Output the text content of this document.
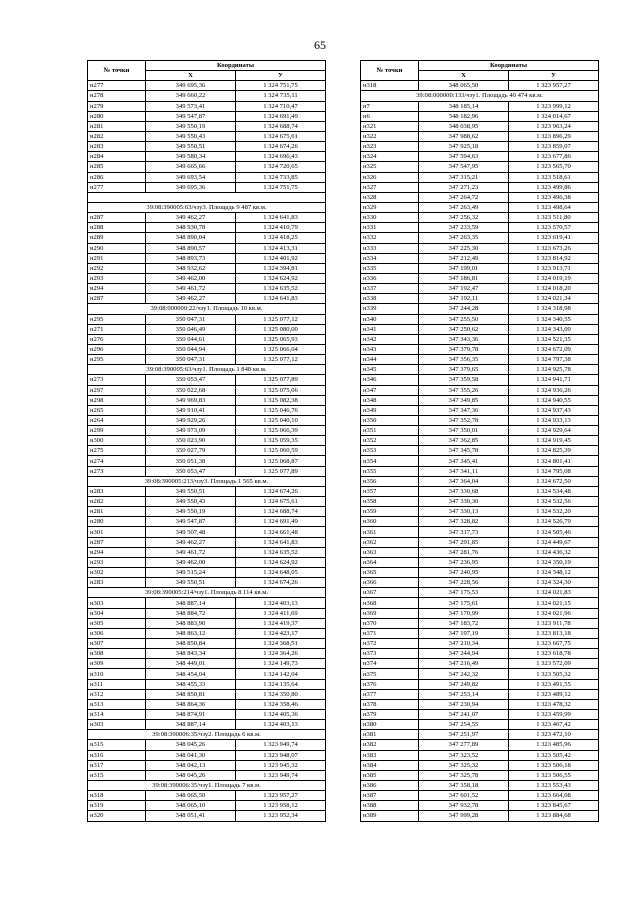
65
№ точки	Координаты	
	X	У
н277	349 695,36	1 324 751,75
н278	349 660,22	1 324 735,11
н279	349 573,41	1 324 710,47
н280	349 547,87	1 324 691,49
н281	349 550,19	1 324 688,74
н282	349 550,43	1 324 675,61
н283	349 550,51	1 324 674,26
н284	349 580,34	1 324 696,43
н285	349 665,66	1 324 720,65
н286	349 693,54	1 324 733,85
н277	349 695,36	1 324 751,75

39:08:390005:63/чзу3. Площадь 9 487 кв.м.		
н287	349 462,27	1 324 641,83
н288	348 930,78	1 324 410,79
н289	348 890,04	1 324 418,25
н290	348 890,57	1 324 413,31
н291	348 893,73	1 324 401,92
н292	348 932,62	1 324 394,81
н293	349 462,00	1 324 624,92
н294	349 461,72	1 324 635,52
н287	349 462,27	1 324 641,83
39:08:000000:22/чзу1. Площадь 10 кв.м.		
н295	350 047,31	1 325 077,12
н271	350 046,49	1 325 080,00
н276	350 044,61	1 325 065,93
н296	350 044,94	1 325 066,04
н295	350 047,31	1 325 077,12
39:08:390005:63/чзу1. Площадь 1 848 кв.м.		
н273	350 053,47	1 325 077,89
н297	350 022,68	1 325 075,06
н298	349 969,83	1 325 082,38
н265	349 910,41	1 325 046,76
н264	349 929,26	1 325 040,10
н299	349 973,09	1 325 066,39
н300	350 023,90	1 325 059,35
н275	350 027,79	1 325 060,59
н274	350 051,38	1 325 068,87
н273	350 053,47	1 325 077,89
39:08:390005:213/чзу3. Площадь 1 565 кв.м.		
н283	349 550,51	1 324 674,26
н282	349 550,43	1 324 675,61
н281	349 550,19	1 324 688,74
н280	349 547,87	1 324 691,49
н301	349 507,48	1 324 661,48
н287	349 462,27	1 324 641,83
н294	349 461,72	1 324 635,52
н293	349 462,00	1 324 624,92
н302	349 515,24	1 324 648,05
н283	349 550,51	1 324 674,26
39:08:390005:214/чзу1. Площадь 8 114 кв.м.		
н303	348 887,14	1 324 403,13
н304	348 884,72	1 324 411,69
н305	348 883,90	1 324 419,37
н306	348 863,12	1 324 423,17
н307	348 850,84	1 324 368,51
н308	348 843,34	1 324 364,26
н309	348 449,01	1 324 149,73
н310	348 454,04	1 324 142,04
н311	348 455,33	1 324 135,64
н312	348 850,81	1 324 350,80
н313	348 864,36	1 324 358,46
н314	348 874,91	1 324 405,36
н303	348 887,14	1 324 403,13
39:08:390006:35/чзу2. Площадь 6 кв.м.		
н315	348 045,26	1 323 949,74
н316	348 041,30	1 323 948,07
н317	348 042,13	1 323 945,32
н315	348 045,26	1 323 949,74
39:08:390006:35/чзу1. Площадь 7 кв.м.		
н318	348 065,50	1 323 957,27
н319	348 065,10	1 323 958,12
н320	348 051,41	1 323 952,34
№ точки	Координаты	
	X	У
н318	348 065,50	1 323 957,27
39:08:000000:133/чзу1. Площадь 40 474 кв.м.		
н7	348 185,14	1 323 999,12
н6	348 182,96	1 324 014,67
н321	348 038,95	1 323 963,24
н322	347 988,62	1 323 896,29
н323	347 925,18	1 323 859,07
н324	347 594,63	1 323 677,86
н325	347 547,95	1 323 565,70
н326	347 315,21	1 323 518,61
н327	347 271,23	1 323 499,86
н328	347 264,72	1 323 496,38
н329	347 263,49	1 323 498,64
н330	347 256,32	1 323 511,80
н331	347 233,59	1 323 570,57
н332	347 263,35	1 323 619,41
н333	347 225,30	1 323 673,26
н334	347 212,49	1 323 814,92
н335	347 199,01	1 323 913,71
н336	347 186,81	1 324 019,19
н337	347 192,47	1 324 018,20
н338	347 192,11	1 324 021,34
н339	347 244,28	1 324 318,98
н340	347 255,50	1 324 340,55
н341	347 250,62	1 324 343,09
н342	347 343,36	1 324 521,35
н343	347 379,78	1 324 672,09
н344	347 356,35	1 324 797,38
н345	347 379,65	1 324 925,78
н346	347 359,58	1 324 941,71
н347	347 355,26	1 324 936,26
н348	347 349,85	1 324 940,55
н349	347 347,36	1 324 937,43
н350	347 352,78	1 324 933,13
н351	347 350,01	1 324 929,64
н352	347 362,85	1 324 919,45
н353	347 345,78	1 324 825,39
н354	347 345,41	1 324 801,41
н355	347 341,11	1 324 795,08
н356	347 364,04	1 324 672,50
н357	347 330,68	1 324 534,48
н358	347 330,30	1 324 532,56
н359	347 330,13	1 324 532,20
н360	347 328,82	1 324 526,79
н361	347 317,73	1 324 505,46
н362	347 291,85	1 324 449,67
н363	347 281,76	1 324 436,32
н364	347 236,95	1 324 350,19
н365	347 240,95	1 324 348,12
н366	347 228,56	1 324 324,30
н367	347 175,53	1 324 021,83
н368	347 175,61	1 324 021,15
н369	347 170,99	1 324 021,96
н370	347 183,72	1 323 911,78
н371	347 197,19	1 323 813,18
н372	347 210,34	1 323 667,75
н373	347 244,94	1 323 618,78
н374	347 216,49	1 323 572,09
н375	347 242,32	1 323 505,32
н376	347 249,82	1 323 491,55
н377	347 253,14	1 323 489,12
н378	347 230,94	1 323 478,32
н379	347 241,07	1 323 459,99
н380	347 254,55	1 323 467,42
н381	347 251,97	1 323 472,10
н382	347 277,89	1 323 485,96
н383	347 323,52	1 323 505,42
н384	347 325,32	1 323 506,18
н385	347 325,78	1 323 506,55
н386	347 358,18	1 323 553,43
н387	347 601,52	1 323 664,08
н388	347 932,78	1 323 845,67
н389	347 999,28	1 323 884,68
